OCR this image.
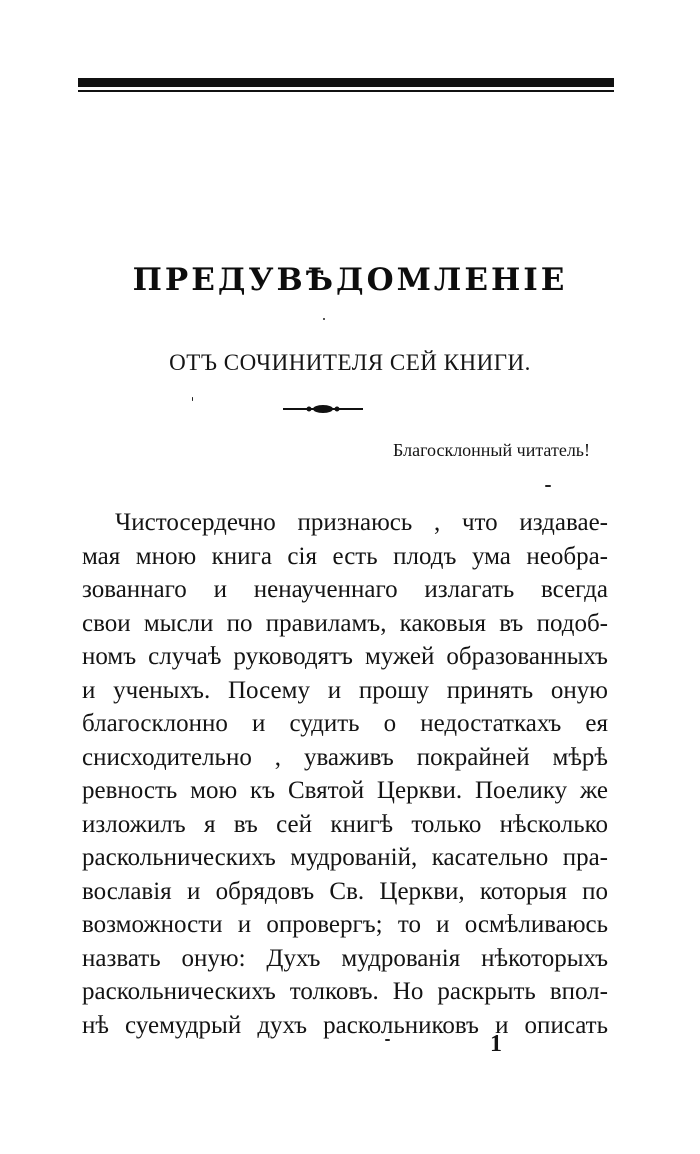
ПРЕДУВѢДОМЛЕНІЕ
ОТЪ СОЧИНИТЕЛЯ СЕЙ КНИГИ.
Благосклонный читатель!
Чистосердечно признаюсь , что издавае-
мая мною книга сія есть плодъ ума необра-
зованнаго и ненаученнаго излагать всегда
свои мысли по правиламъ, каковыя въ подоб-
номъ случаѣ руководятъ мужей образованныхъ
и ученыхъ. Посему и прошу принять оную
благосклонно и судить о недостаткахъ ея
снисходительно , уваживъ покрайней мѣрѣ
ревность мою къ Святой Церкви. Поелику же
изложилъ я въ сей книгѣ только нѣсколько
раскольническихъ мудрованій, касательно пра-
вославія и обрядовъ Св. Церкви, которыя по
возможности и опровергъ; то и осмѣливаюсь
назвать оную: Духъ мудрованія нѣкоторыхъ
раскольническихъ толковъ. Но раскрыть впол-
нѣ суемудрый духъ раскольниковъ и описать
1
